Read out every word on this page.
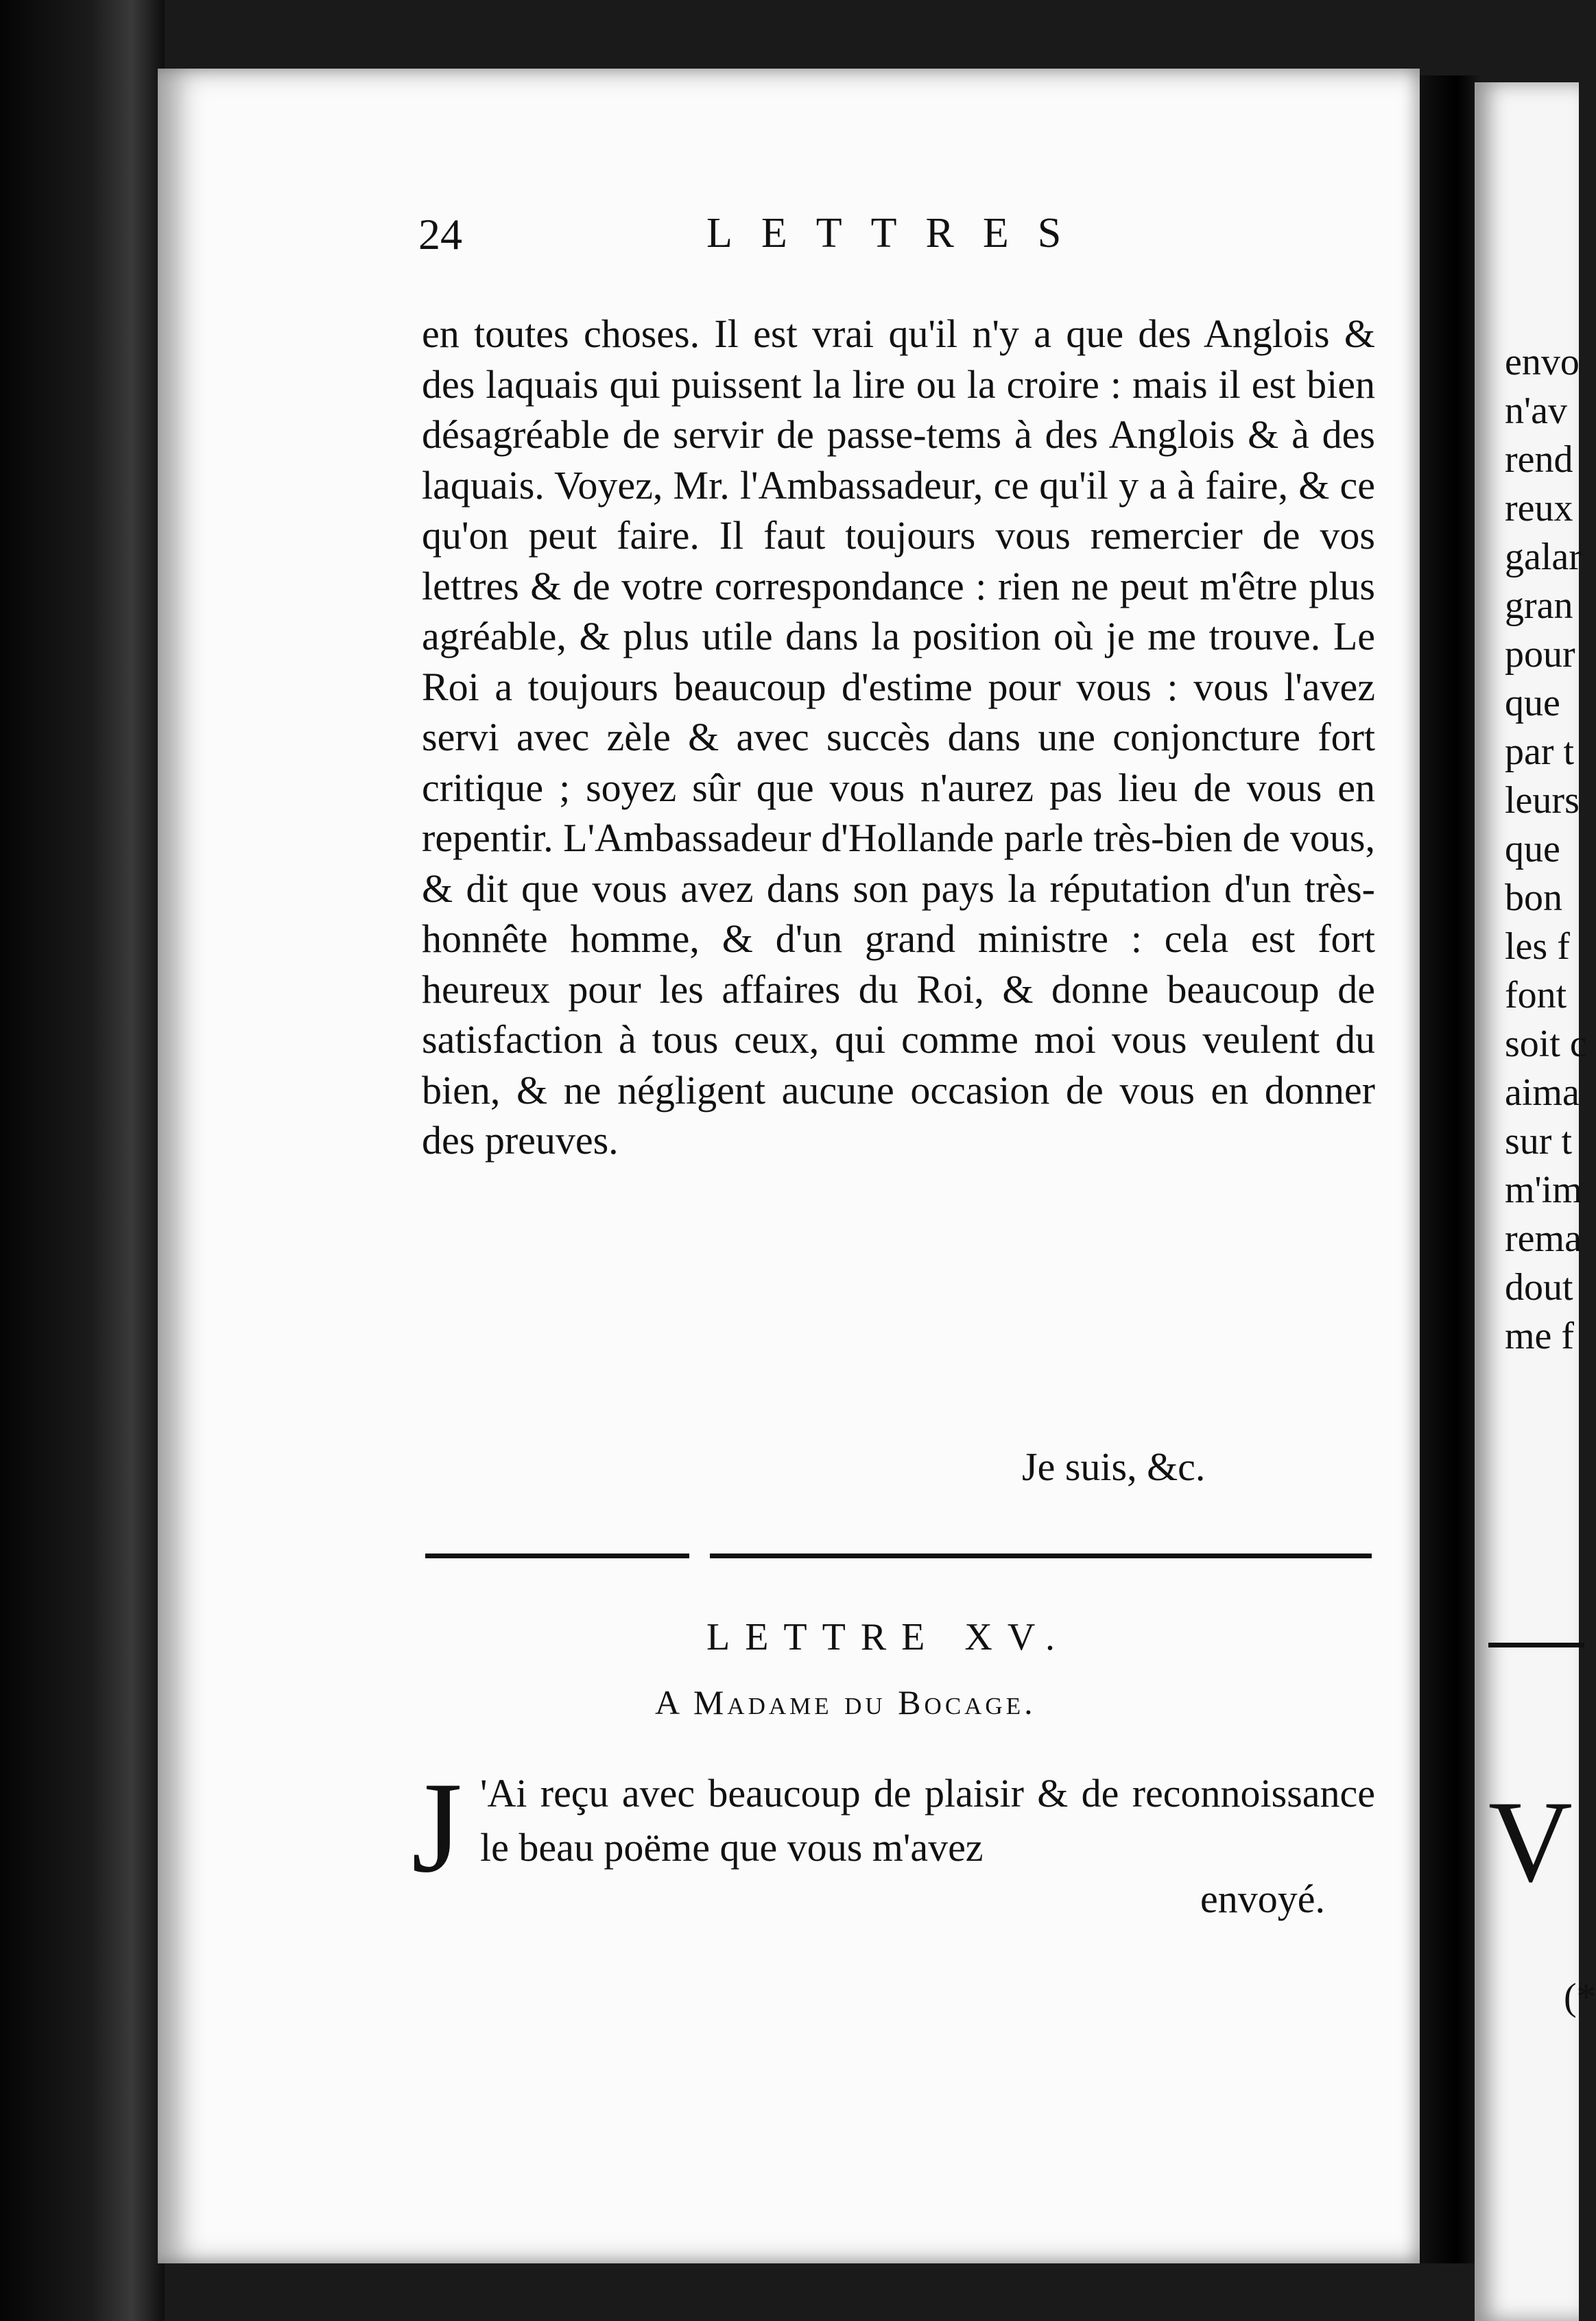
envo

n'av

rend

reux

galar

gran

pour

que

par t

leurs

que

bon

les f

font

soit c

aima

sur t

m'im

rema

dout

me f

V
(*
24	LETTRES

en toutes choses. Il est vrai qu'il n'y a que des Anglois & des laquais qui puissent la lire ou la croire : mais il est bien désagréable de servir de passe-tems à des Anglois & à des laquais. Voyez, Mr. l'Ambassadeur, ce qu'il y a à faire, & ce qu'on peut faire. Il faut toujours vous remercier de vos lettres & de votre correspondance : rien ne peut m'être plus agréable, & plus utile dans la position où je me trouve. Le Roi a toujours beaucoup d'estime pour vous : vous l'avez servi avec zèle & avec succès dans une conjoncture fort critique ; soyez sûr que vous n'aurez pas lieu de vous en repentir. L'Ambassadeur d'Hollande parle très-bien de vous, & dit que vous avez dans son pays la réputation d'un très-honnête homme, & d'un grand ministre : cela est fort heureux pour les affaires du Roi, & donne beaucoup de satisfaction à tous ceux, qui comme moi vous veulent du bien, & ne négligent aucune occasion de vous en donner des preuves.

Je suis, &c.

LETTRE XV.

A Madame du Bocage.

J 'Ai reçu avec beaucoup de plaisir & de reconnoissance le beau poëme que vous m'avez

envoyé.
